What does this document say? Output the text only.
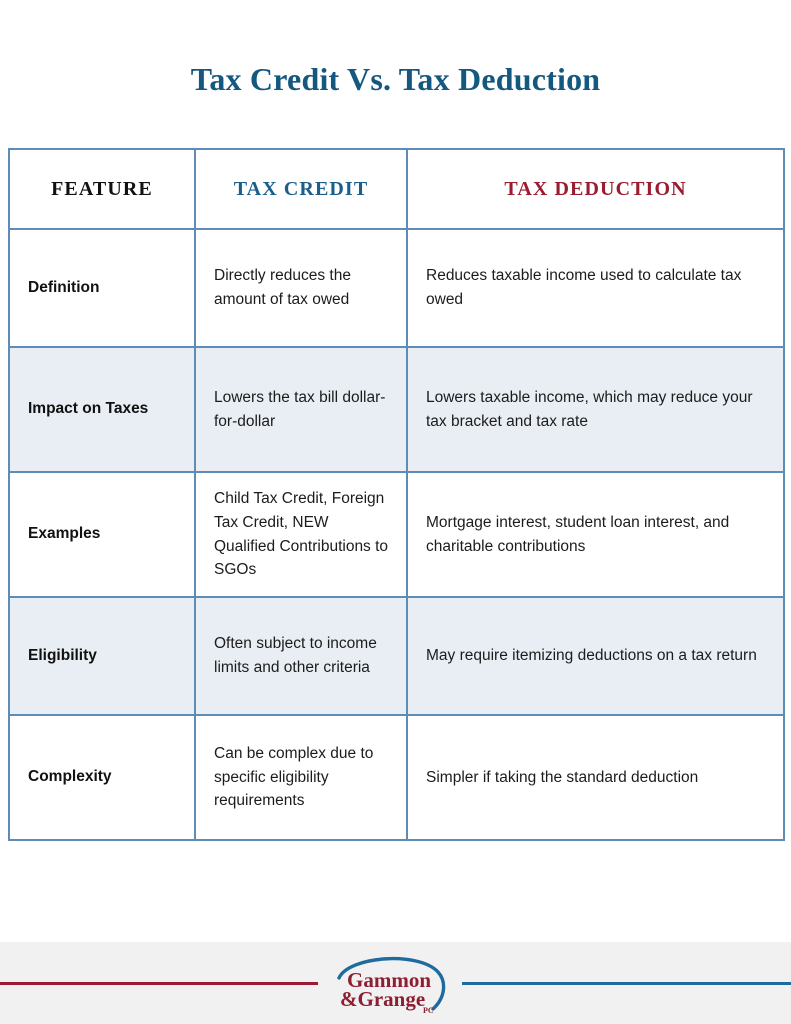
Tax Credit Vs. Tax Deduction
FEATURE	TAX CREDIT	TAX DEDUCTION
Definition	Directly reduces the amount of tax owed	Reduces taxable income used to calculate tax owed
Impact on Taxes	Lowers the tax bill dollar-for-dollar	Lowers taxable income, which may reduce your tax bracket and tax rate
Examples	Child Tax Credit, Foreign Tax Credit, NEW Qualified Contributions to SGOs	Mortgage interest, student loan interest, and charitable contributions
Eligibility	Often subject to income limits and other criteria	May require itemizing deductions on a tax return
Complexity	Can be complex due to specific eligibility requirements	Simpler if taking the standard deduction
Gammon
&Grange
PC
